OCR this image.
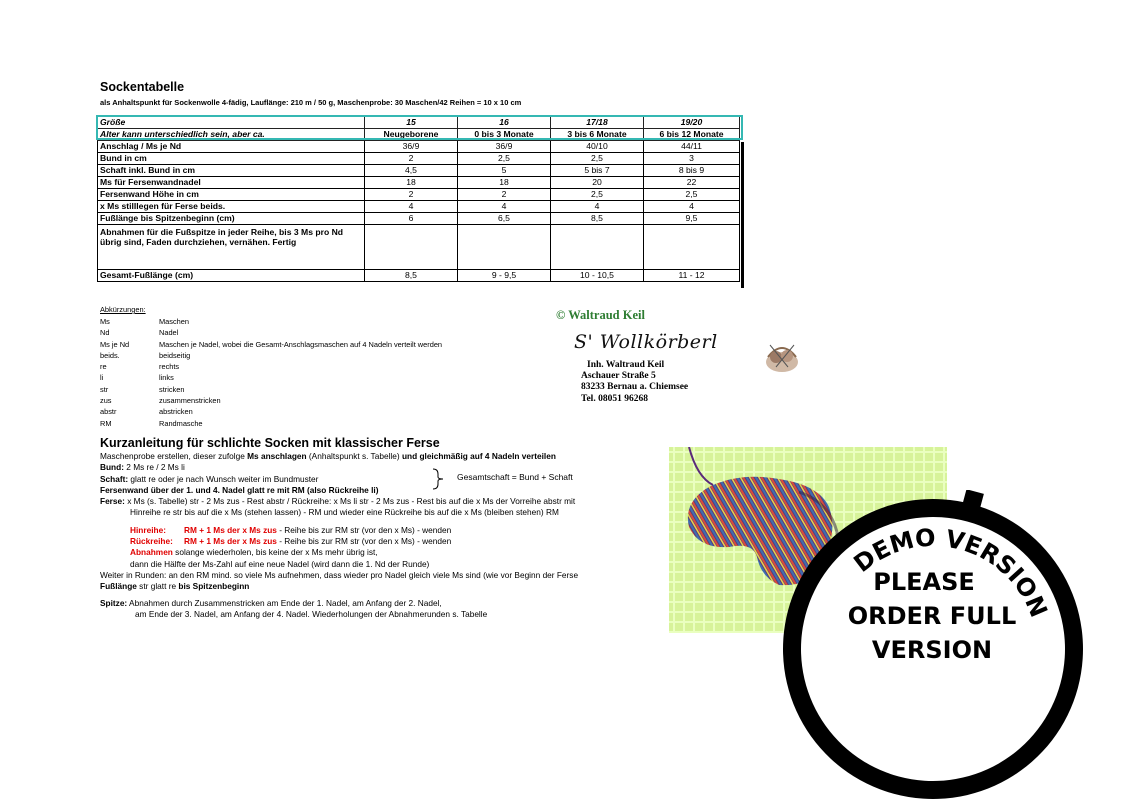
Sockentabelle
als Anhaltspunkt für Sockenwolle 4-fädig, Lauflänge: 210 m / 50 g, Maschenprobe: 30 Maschen/42 Reihen = 10 x 10 cm
Größe	15	16	17/18	19/20
Alter kann unterschiedlich sein, aber ca.	Neugeborene	0 bis 3 Monate	3 bis 6 Monate	6 bis 12 Monate
Anschlag / Ms je Nd	36/9	36/9	40/10	44/11
Bund in cm	2	2,5	2,5	3
Schaft inkl. Bund in cm	4,5	5	5 bis 7	8 bis 9
Ms für Fersenwandnadel	18	18	20	22
Fersenwand Höhe in cm	2	2	2,5	2,5
x Ms stilllegen für Ferse beids.	4	4	4	4
Fußlänge bis Spitzenbeginn (cm)	6	6,5	8,5	9,5
Abnahmen für die Fußspitze in jeder Reihe, bis 3 Ms pro Nd übrig sind, Faden durchziehen, vernähen. Fertig				
Gesamt-Fußlänge (cm)	8,5	9 - 9,5	10 - 10,5	11 - 12
Abkürzungen:
Ms	Maschen
Nd	Nadel
Ms je Nd	Maschen je Nadel, wobei die Gesamt-Anschlagsmaschen auf 4 Nadeln verteilt werden
beids.	beidseitig
re	rechts
li	links
str	stricken
zus	zusammenstricken
abstr	abstricken
RM	Randmasche
© Waltraud Keil
S' Wollkörberl
Inh. Waltraud Keil
Aschauer Straße 5
83233 Bernau a. Chiemsee
Tel. 08051 96268
Kurzanleitung für schlichte Socken mit klassischer Ferse
Gesamtschaft = Bund + Schaft
Maschenprobe erstellen, dieser zufolge Ms anschlagen (Anhaltspunkt s. Tabelle) und gleichmäßig auf 4 Nadeln verteilen
Bund: 2 Ms re / 2 Ms li
Schaft: glatt re oder je nach Wunsch weiter im Bundmuster
Fersenwand über der 1. und 4. Nadel glatt re mit RM (also Rückreihe li)
Ferse: x Ms (s. Tabelle) str - 2 Ms zus - Rest abstr / Rückreihe: x Ms li str - 2 Ms zus - Rest bis auf die x Ms der Vorreihe abstr mit
Hinreihe re str bis auf die x Ms (stehen lassen) - RM und wieder eine Rückreihe bis auf die x Ms (bleiben stehen) RM
Hinreihe: RM + 1 Ms der x Ms zus - Reihe bis zur RM str (vor den x Ms) - wenden
Rückreihe: RM + 1 Ms der x Ms zus - Reihe bis zur RM str (vor den x Ms) - wenden
Abnahmen solange wiederholen, bis keine der x Ms mehr übrig ist,
dann die Hälfte der Ms-Zahl auf eine neue Nadel (wird dann die 1. Nd der Runde)
Weiter in Runden: an den RM mind. so viele Ms aufnehmen, dass wieder pro Nadel gleich viele Ms sind (wie vor Beginn der Ferse
Fußlänge str glatt re bis Spitzenbeginn
Spitze: Abnahmen durch Zusammenstricken am Ende der 1. Nadel, am Anfang der 2. Nadel,
am Ende der 3. Nadel, am Anfang der 4. Nadel. Wiederholungen der Abnahmerunden s. Tabelle
DEMO VERSION
www.print-driver.com
PLEASE
ORDER FULL
VERSION
